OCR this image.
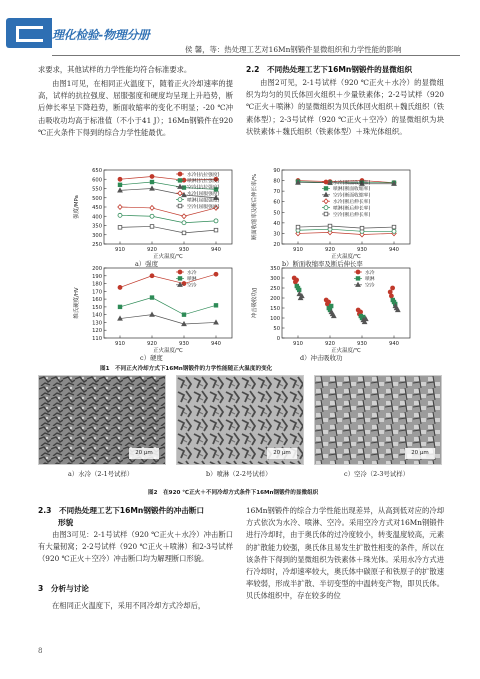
理化检验-物理分册
侯 馨，等：热处理工艺对16Mn钢锻件显微组织和力学性能的影响
求要求，其他试样的力学性能均符合标准要求。
由图1可见，在相同正火温度下，随着正火冷却速率的提高，试样的抗拉强度、屈服强度和硬度均呈现上升趋势，断后伸长率呈下降趋势，断面收缩率的变化不明显；-20 ℃冲击吸收功均高于标准值（不小于41 J）；16Mn钢锻件在920 ℃正火条件下得到的综合力学性能最优。
2.2　不同热处理工艺下16Mn钢锻件的显微组织
由图2可见，2-1号试样（920 ℃正火＋水冷）的显微组织为均匀的贝氏体回火组织＋少量铁素体；2-2号试样（920 ℃正火＋喷淋）的显微组织为贝氏体回火组织＋魏氏组织（铁素体型）；2-3号试样（920 ℃正火＋空冷）的显微组织为块状铁素体＋魏氏组织（铁素体型）＋珠光体组织。
250
300
350
400
450
500
550
600
650
910	920	930	940
正火温度/℃
强度/MPa
水冷(抗拉强度)
喷淋(抗拉强度)
空冷(抗拉强度)
水冷(屈服强度)
喷淋(屈服强度)
空冷(屈服强度)
a）强度
20
30
40
50
60
70
80
90
910	920	930	940
正火温度/℃
断面收缩率及断后伸长率/%	水冷(断面收缩率)
喷淋(断面收缩率)
空冷(断面收缩率)
水冷(断后伸长率)
喷淋(断后伸长率)
空冷(断后伸长率)
b）断面收缩率及断后伸长率
110
120
130
140
150
160
170
180
190
200
910	920	930	940
正火温度/℃
维氏硬度/HV
水冷
喷淋
空冷
c）硬度
0
50
100
150
200
250
300
350
910	920	930	940
正火温度/℃
冲击吸收功/J
水冷
喷淋
空冷
d）冲击吸收功
图1　不同正火冷却方式下16Mn钢锻件的力学性能随正火温度的变化
20 μm	20 μm	20 μm
a）水冷（2-1号试样）	b）喷淋（2-2号试样）	c）空冷（2-3号试样）
图2　在920 ℃正火＋不同冷却方式条件下16Mn钢锻件的显微组织
2.3　不同热处理工艺下16Mn钢锻件的冲击断口
形貌
由图3可见：2-1号试样（920 ℃正火＋水冷）冲击断口有大量韧窝；2-2号试样（920 ℃正火＋喷淋）和2-3号试样（920 ℃正火＋空冷）冲击断口均为解理断口形貌。
3　分析与讨论
在相同正火温度下，采用不同冷却方式冷却后，
16Mn钢锻件的综合力学性能出现差异，从高到低对应的冷却方式依次为水冷、喷淋、空冷。采用空冷方式对16Mn钢锻件进行冷却时，由于奥氏体的过冷度较小，转变温度较高，元素的扩散能力较强，奥氏体且易发生扩散性相变的条件，所以在该条件下得到的显微组织为铁素体＋珠光体。采用水冷方式进行冷却时，冷却速率较大，奥氏体中碳原子和铁原子的扩散速率较弱，形成半扩散、半切变型的中温转变产物，即贝氏体。贝氏体组织中，存在较多的位
8
